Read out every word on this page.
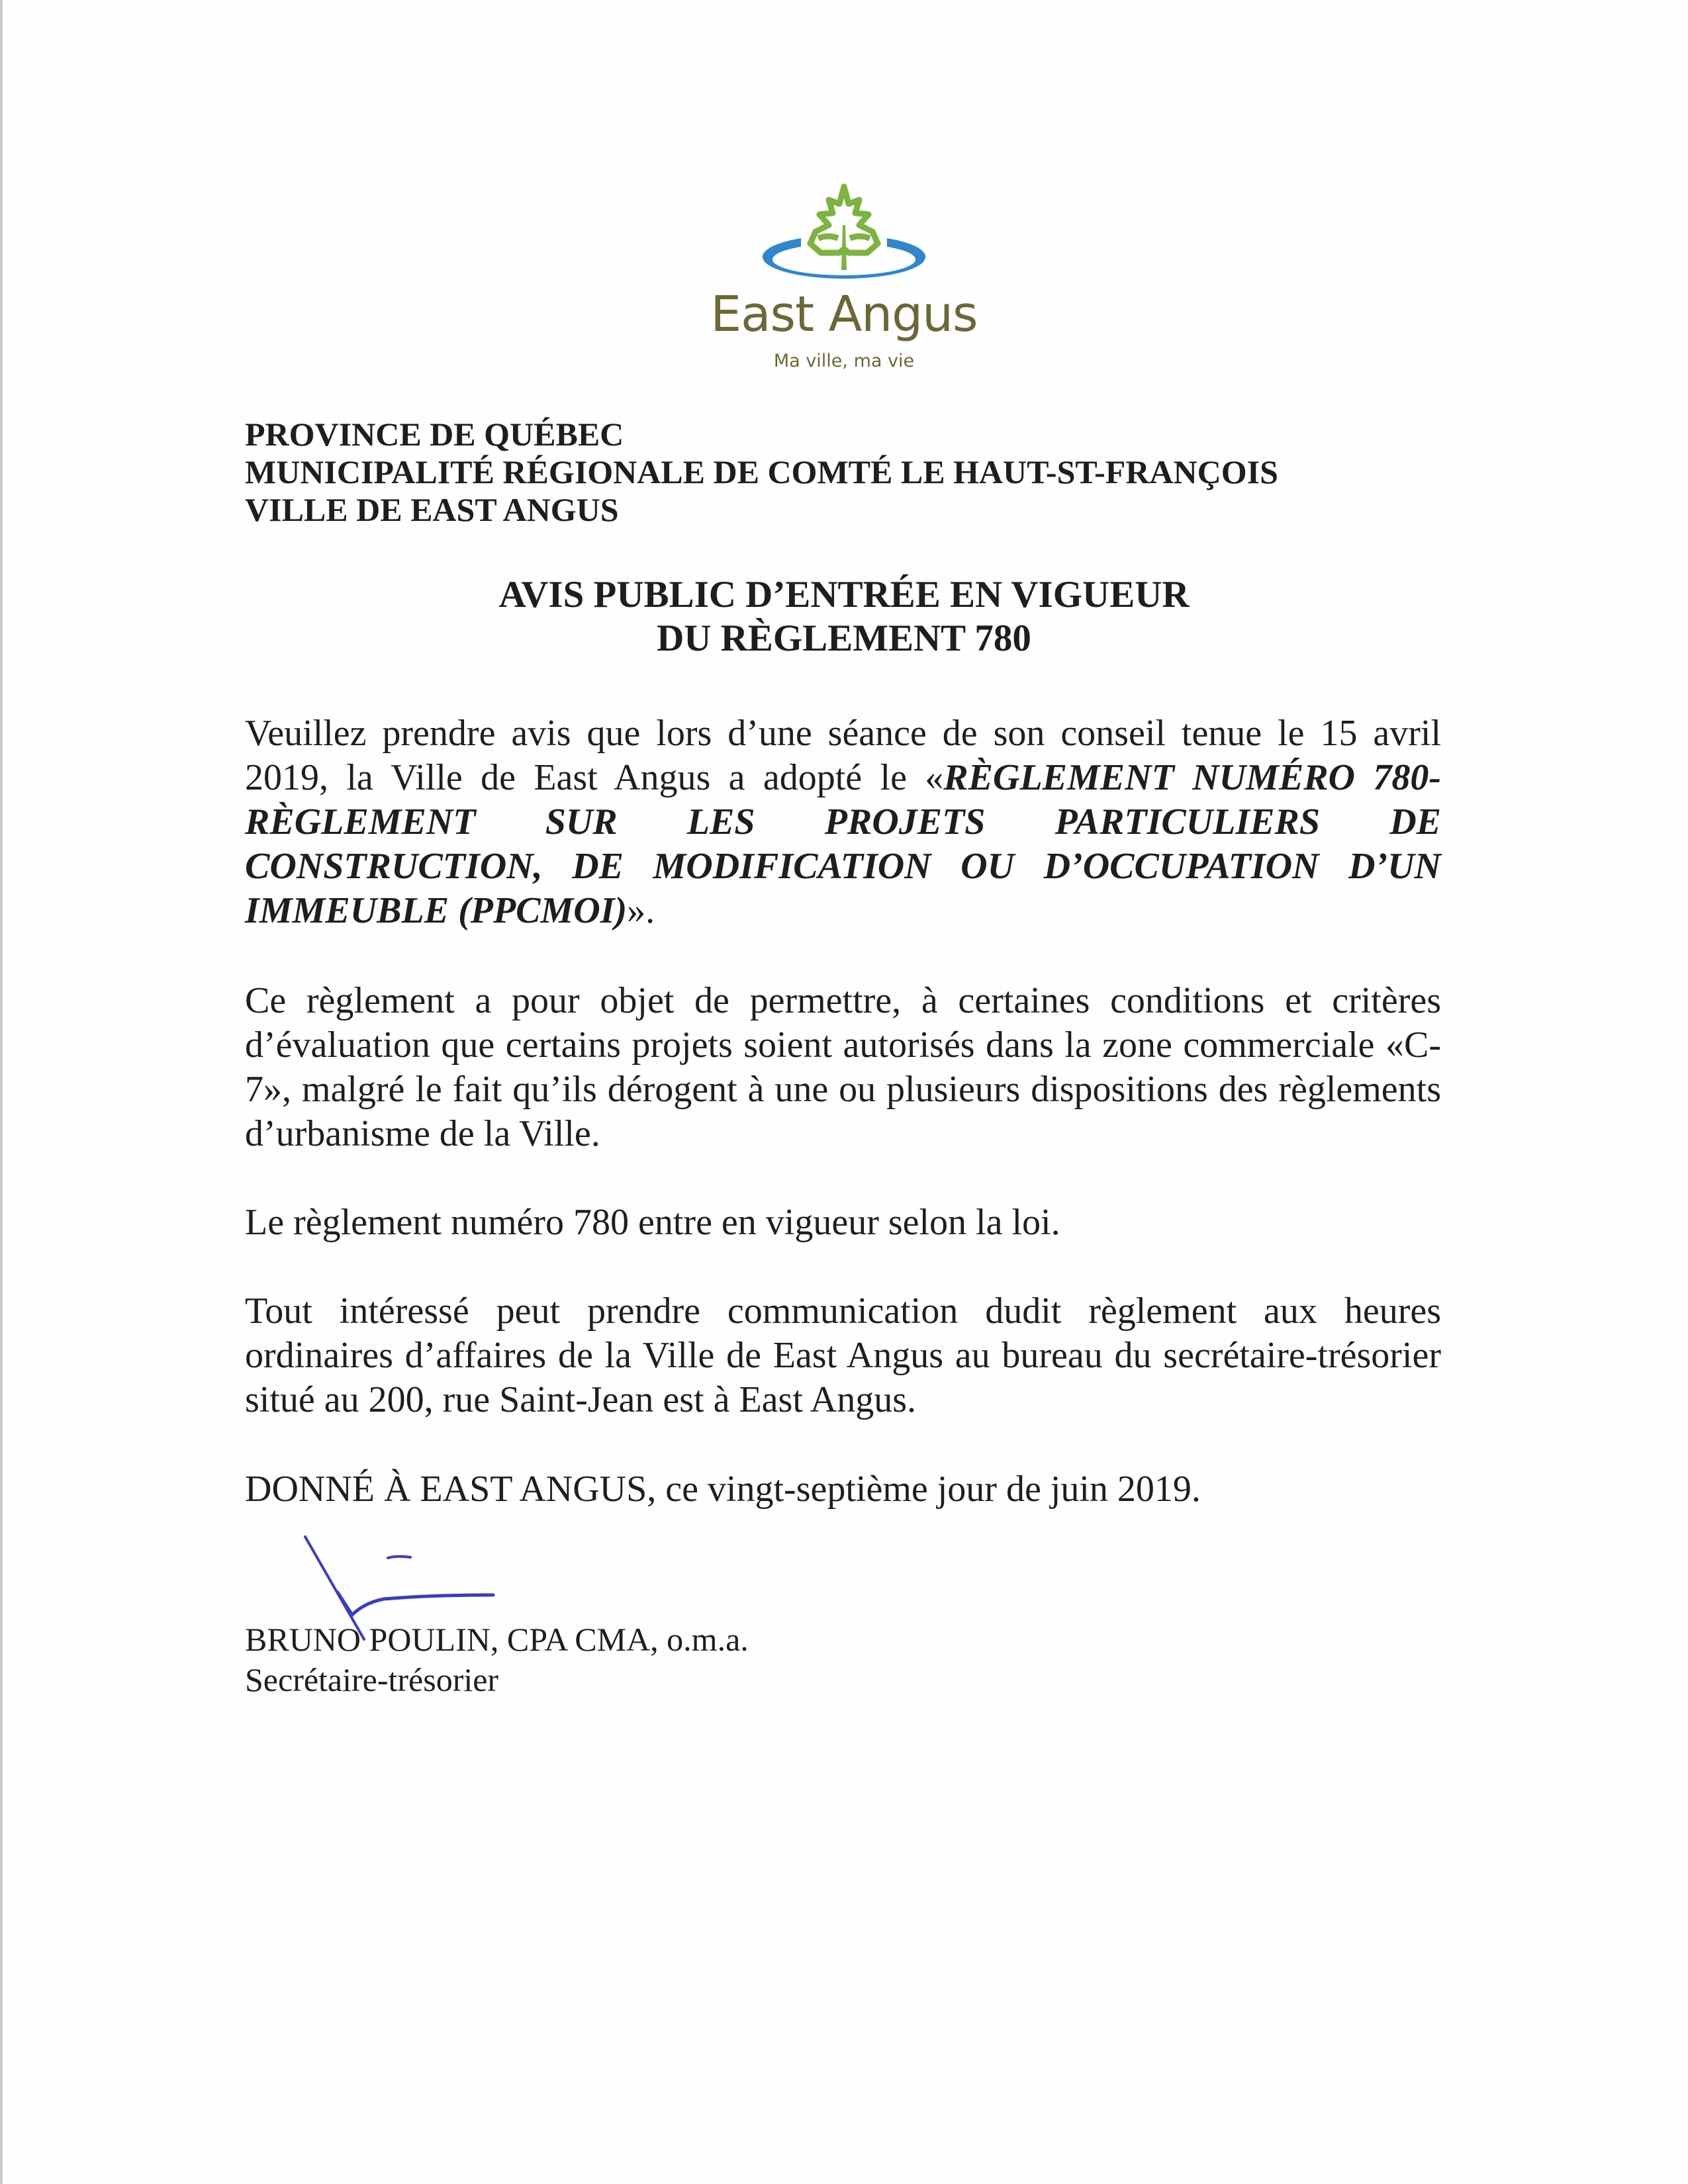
East Angus
Ma ville, ma vie
PROVINCE DE QUÉBEC
MUNICIPALITÉ RÉGIONALE DE COMTÉ LE HAUT-ST-FRANÇOIS
VILLE DE EAST ANGUS
AVIS PUBLIC D’ENTRÉE EN VIGUEUR
DU RÈGLEMENT 780
Veuillez prendre avis que lors d’une séance de son conseil tenue le 15 avril 2019, la Ville de East Angus a adopté le «RÈGLEMENT NUMÉRO 780- RÈGLEMENT SUR LES PROJETS PARTICULIERS DE CONSTRUCTION, DE MODIFICATION OU D’OCCUPATION D’UN IMMEUBLE (PPCMOI)».
Ce règlement a pour objet de permettre, à certaines conditions et critères d’évaluation que certains projets soient autorisés dans la zone commerciale «C-7», malgré le fait qu’ils dérogent à une ou plusieurs dispositions des règlements d’urbanisme de la Ville.
Le règlement numéro 780 entre en vigueur selon la loi.
Tout intéressé peut prendre communication dudit règlement aux heures ordinaires d’affaires de la Ville de East Angus au bureau du secrétaire-trésorier situé au 200, rue Saint-Jean est à East Angus.
DONNÉ À EAST ANGUS, ce vingt-septième jour de juin 2019.
BRUNO POULIN, CPA CMA, o.m.a.
Secrétaire-trésorier
